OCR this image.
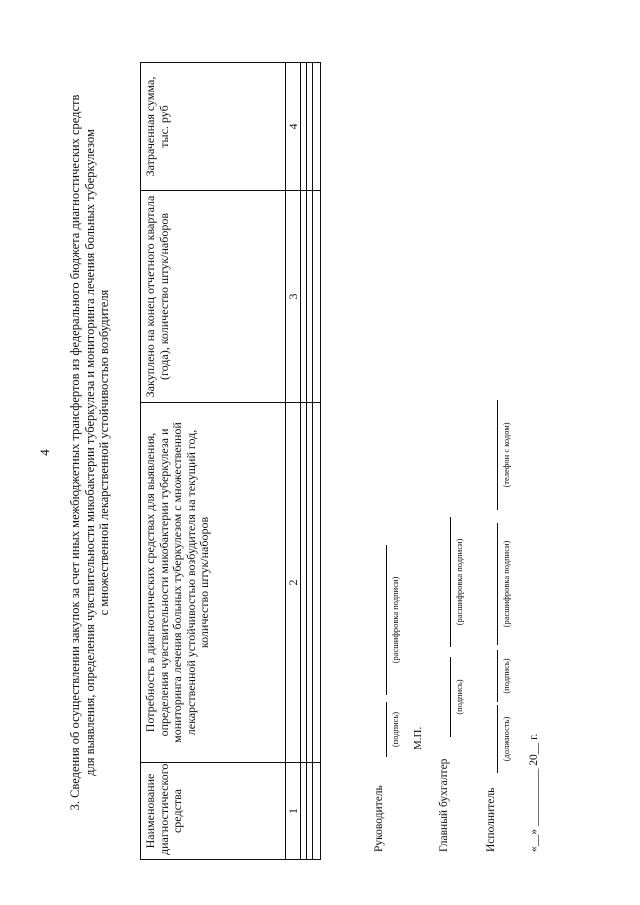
4 3. Сведения об осуществлении закупок за счет иных межбюджетных трансфертов из федерального бюджета диагностических средств для выявления, определения чувствительности микобактерии туберкулеза и мониторинга лечения больных туберкулезом с множественной лекарственной устойчивостью возбудителя
Наименование диагностического средства	Потребность в диагностических средствах для выявления, определения чувствительности микобактерии туберкулеза и мониторинга лечения больных туберкулезом с множественной лекарственной устойчивостью возбудителя на текущий год, количество штук/наборов	Закуплено на конец отчетного квартала (года), количество штук/наборов	Затраченная сумма, тыс. руб
1	2	3	4

Руководитель
(подпись)
(расшифровка подписи)
М.П.
Главный бухгалтер
(подпись)
(расшифровка подписи)
Исполнитель
(должность)
(подпись)
(расшифровка подписи)
(телефон с кодом)
«__» __________ 20__ г.
